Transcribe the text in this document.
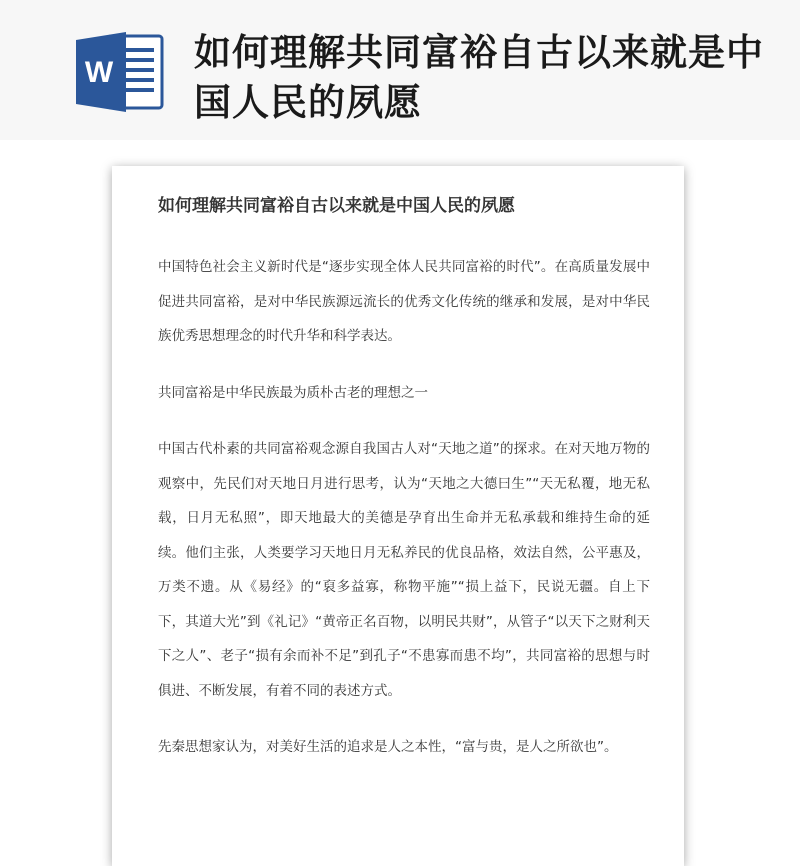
W 如何理解共同富裕自古以来就是中国人民的夙愿
如何理解共同富裕自古以来就是中国人民的夙愿

中国特色社会主义新时代是“逐步实现全体人民共同富裕的时代”。在高质量发展中促进共同富裕，是对中华民族源远流长的优秀文化传统的继承和发展，是对中华民族优秀思想理念的时代升华和科学表达。

共同富裕是中华民族最为质朴古老的理想之一

中国古代朴素的共同富裕观念源自我国古人对“天地之道”的探求。在对天地万物的观察中，先民们对天地日月进行思考，认为“天地之大德曰生”“天无私覆，地无私载，日月无私照”，即天地最大的美德是孕育出生命并无私承载和维持生命的延续。他们主张，人类要学习天地日月无私养民的优良品格，效法自然，公平惠及，万类不遗。从《易经》的“裒多益寡，称物平施”“损上益下，民说无疆。自上下下，其道大光”到《礼记》“黄帝正名百物，以明民共财”，从管子“以天下之财利天下之人”、老子“损有余而补不足”到孔子“不患寡而患不均”，共同富裕的思想与时俱进、不断发展，有着不同的表述方式。

先秦思想家认为，对美好生活的追求是人之本性，“富与贵，是人之所欲也”。
